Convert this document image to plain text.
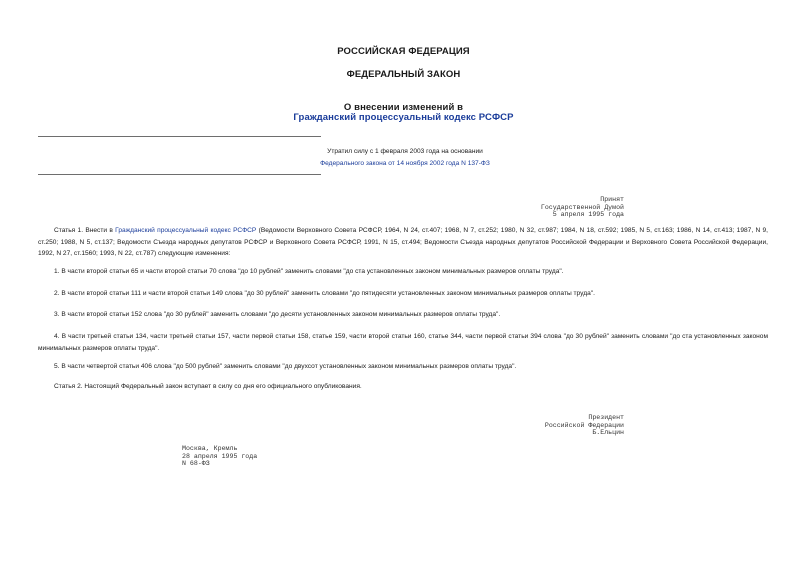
РОССИЙСКАЯ ФЕДЕРАЦИЯ
ФЕДЕРАЛЬНЫЙ ЗАКОН
О внесении изменений в
Гражданский процессуальный кодекс РСФСР
Утратил силу с 1 февраля 2003 года на основании
Федерального закона от 14 ноября 2002 года N 137-ФЗ
Принят
Государственной Думой
5 апреля 1995 года
Статья 1. Внести в Гражданский процессуальный кодекс РСФСР (Ведомости Верховного Совета РСФСР, 1964, N 24, ст.407; 1968, N 7, ст.252; 1980, N 32, ст.987; 1984, N 18, ст.592; 1985, N 5, ст.163; 1986, N 14, ст.413; 1987, N 9, ст.250; 1988, N 5, ст.137; Ведомости Съезда народных депутатов РСФСР и Верховного Совета РСФСР, 1991, N 15, ст.494; Ведомости Съезда народных депутатов Российской Федерации и Верховного Совета Российской Федерации, 1992, N 27, ст.1560; 1993, N 22, ст.787) следующие изменения:
1. В части второй статьи 65 и части второй статьи 70 слова "до 10 рублей" заменить словами "до ста установленных законом минимальных размеров оплаты труда".
2. В части второй статьи 111 и части второй статьи 149 слова "до 30 рублей" заменить словами "до пятидесяти установленных законом минимальных размеров оплаты труда".
3. В части второй статьи 152 слова "до 30 рублей" заменить словами "до десяти установленных законом минимальных размеров оплаты труда".
4. В части третьей статьи 134, части третьей статьи 157, части первой статьи 158, статье 159, части второй статьи 160, статье 344, части первой статьи 394 слова "до 30 рублей" заменить словами "до ста установленных законом минимальных размеров оплаты труда".
5. В части четвертой статьи 406 слова "до 500 рублей" заменить словами "до двухсот установленных законом минимальных размеров оплаты труда".
Статья 2. Настоящий Федеральный закон вступает в силу со дня его официального опубликования.
Президент
Российской Федерации
Б.Ельцин
Москва, Кремль
28 апреля 1995 года
N 68-ФЗ
